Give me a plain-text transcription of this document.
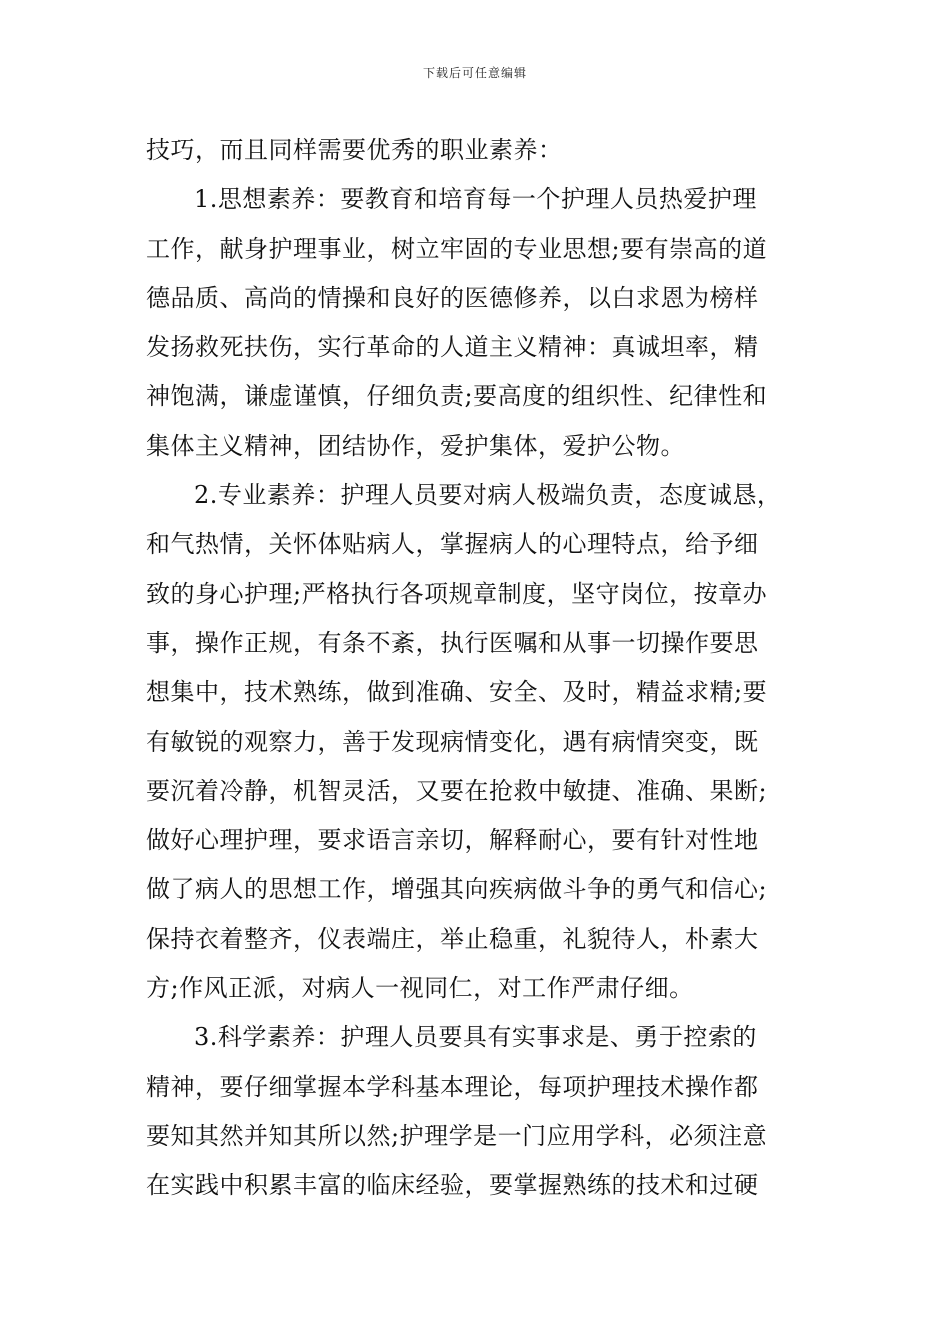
下载后可任意编辑
技巧，而且同样需要优秀的职业素养：
1.思想素养：要教育和培育每一个护理人员热爱护理
工作，献身护理事业，树立牢固的专业思想;要有崇高的道
德品质、高尚的情操和良好的医德修养，以白求恩为榜样
发扬救死扶伤，实行革命的人道主义精神：真诚坦率，精
神饱满，谦虚谨慎，仔细负责;要高度的组织性、纪律性和
集体主义精神，团结协作，爱护集体，爱护公物。
2.专业素养：护理人员要对病人极端负责，态度诚恳，
和气热情，关怀体贴病人，掌握病人的心理特点，给予细
致的身心护理;严格执行各项规章制度，坚守岗位，按章办
事，操作正规，有条不紊，执行医嘱和从事一切操作要思
想集中，技术熟练，做到准确、安全、及时，精益求精;要
有敏锐的观察力，善于发现病情变化，遇有病情突变，既
要沉着冷静，机智灵活，又要在抢救中敏捷、准确、果断;
做好心理护理，要求语言亲切，解释耐心，要有针对性地
做了病人的思想工作，增强其向疾病做斗争的勇气和信心;
保持衣着整齐，仪表端庄，举止稳重，礼貌待人，朴素大
方;作风正派，对病人一视同仁，对工作严肃仔细。
3.科学素养：护理人员要具有实事求是、勇于控索的
精神，要仔细掌握本学科基本理论，每项护理技术操作都
要知其然并知其所以然;护理学是一门应用学科，必须注意
在实践中积累丰富的临床经验，要掌握熟练的技术和过硬
